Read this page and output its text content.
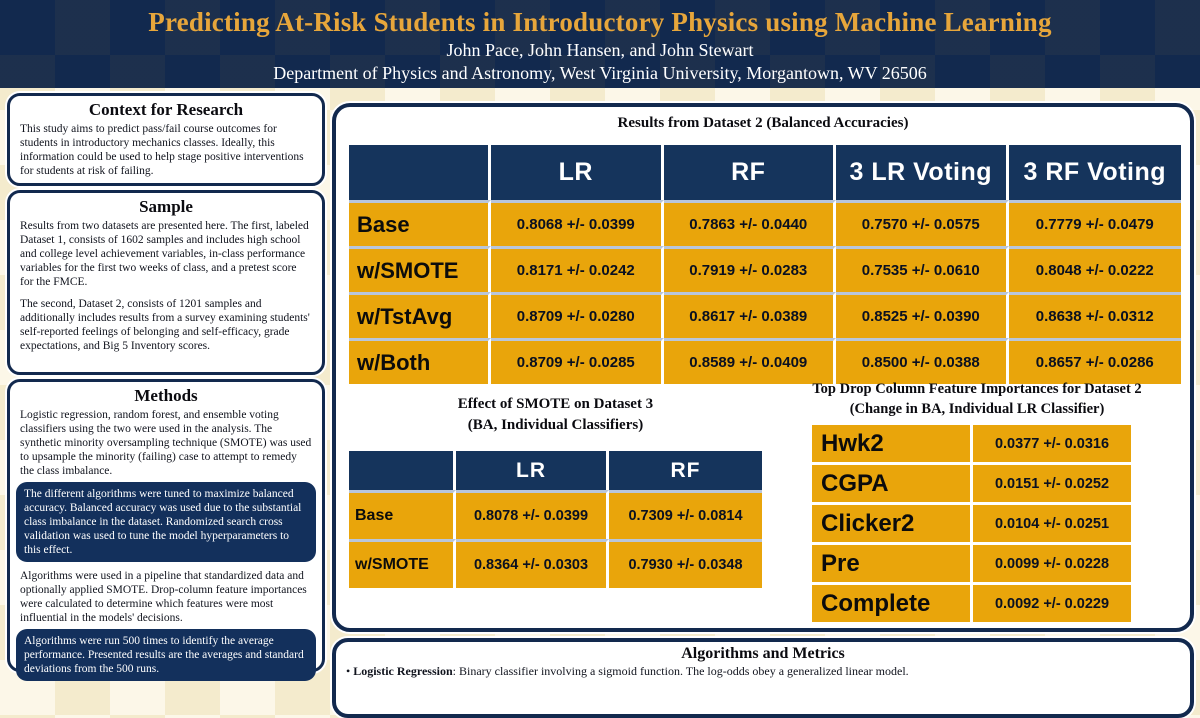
Predicting At-Risk Students in Introductory Physics using Machine Learning
John Pace, John Hansen, and John Stewart
Department of Physics and Astronomy, West Virginia University, Morgantown, WV 26506
Context for Research

This study aims to predict pass/fail course outcomes for students in introductory mechanics classes. Ideally, this information could be used to help stage positive interventions for students at risk of failing.

Sample

Results from two datasets are presented here. The first, labeled Dataset 1, consists of 1602 samples and includes high school and college level achievement variables, in-class performance variables for the first two weeks of class, and a pretest score for the FMCE.

The second, Dataset 2, consists of 1201 samples and additionally includes results from a survey examining students' self-reported feelings of belonging and self-efficacy, grade expectations, and Big 5 Inventory scores.

Methods

Logistic regression, random forest, and ensemble voting classifiers using the two were used in the analysis. The synthetic minority oversampling technique (SMOTE) was used to upsample the minority (failing) case to attempt to remedy the class imbalance.

The different algorithms were tuned to maximize balanced accuracy. Balanced accuracy was used due to the substantial class imbalance in the dataset. Randomized search cross validation was used to tune the model hyperparameters to this effect.

Algorithms were used in a pipeline that standardized data and optionally applied SMOTE. Drop-column feature importances were calculated to determine which features were most influential in the models' decisions.

Algorithms were run 500 times to identify the average performance. Presented results are the averages and standard deviations from the 500 runs.
Results from Dataset 2 (Balanced Accuracies)
LR	RF	3 LR Voting	3 RF Voting
Base	0.8068 +/- 0.0399	0.7863 +/- 0.0440	0.7570 +/- 0.0575	0.7779 +/- 0.0479
w/SMOTE	0.8171 +/- 0.0242	0.7919 +/- 0.0283	0.7535 +/- 0.0610	0.8048 +/- 0.0222
w/TstAvg	0.8709 +/- 0.0280	0.8617 +/- 0.0389	0.8525 +/- 0.0390	0.8638 +/- 0.0312
w/Both	0.8709 +/- 0.0285	0.8589 +/- 0.0409	0.8500 +/- 0.0388	0.8657 +/- 0.0286
Effect of SMOTE on Dataset 3
(BA, Individual Classifiers)
LR	RF
Base	0.8078 +/- 0.0399	0.7309 +/- 0.0814
w/SMOTE	0.8364 +/- 0.0303	0.7930 +/- 0.0348
Top Drop Column Feature Importances for Dataset 2
(Change in BA, Individual LR Classifier)
Hwk2	0.0377 +/- 0.0316
CGPA	0.0151 +/- 0.0252
Clicker2	0.0104 +/- 0.0251
Pre	0.0099 +/- 0.0228
Complete	0.0092 +/- 0.0229
Algorithms and Metrics
• Logistic Regression: Binary classifier involving a sigmoid function. The log-odds obey a generalized linear model.
